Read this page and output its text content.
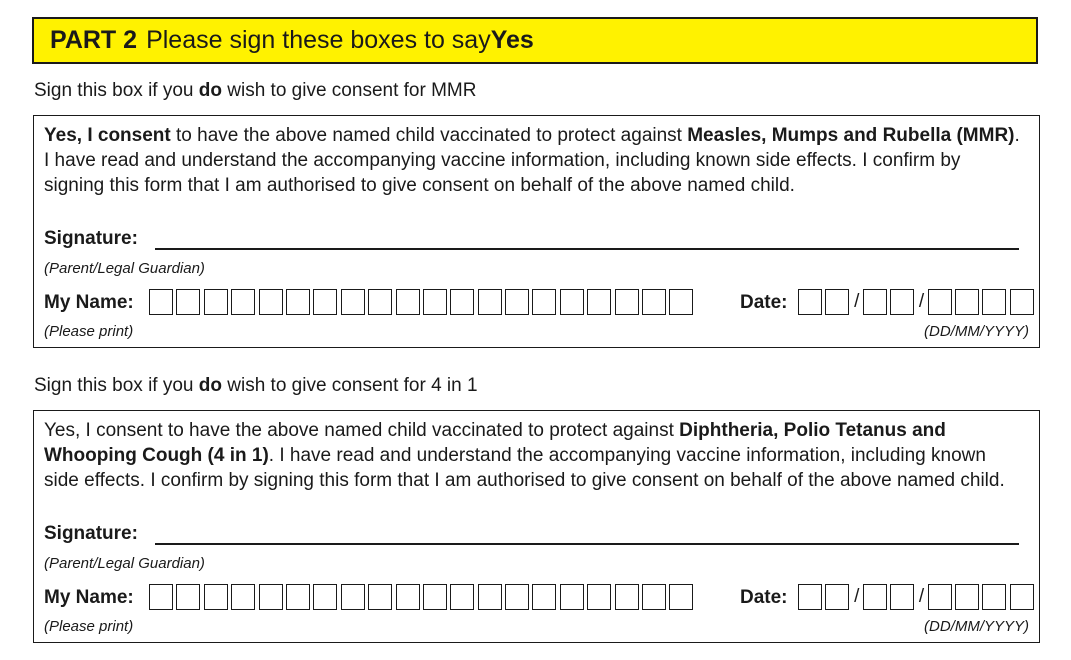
PART 2 Please sign these boxes to say Yes
Sign this box if you do wish to give consent for MMR
Yes, I consent to have the above named child vaccinated to protect against Measles, Mumps and Rubella (MMR). I have read and understand the accompanying vaccine information, including known side effects. I confirm by signing this form that I am authorised to give consent on behalf of the above named child.
Signature:
(Parent/Legal Guardian)
My Name:	Date:	/	/
(Please print)	(DD/MM/YYYY)
Sign this box if you do wish to give consent for 4 in 1
Yes, I consent to have the above named child vaccinated to protect against Diphtheria, Polio Tetanus and Whooping Cough (4 in 1). I have read and understand the accompanying vaccine information, including known side effects. I confirm by signing this form that I am authorised to give consent on behalf of the above named child.
Signature:
(Parent/Legal Guardian)
My Name:	Date:	/	/
(Please print)	(DD/MM/YYYY)
